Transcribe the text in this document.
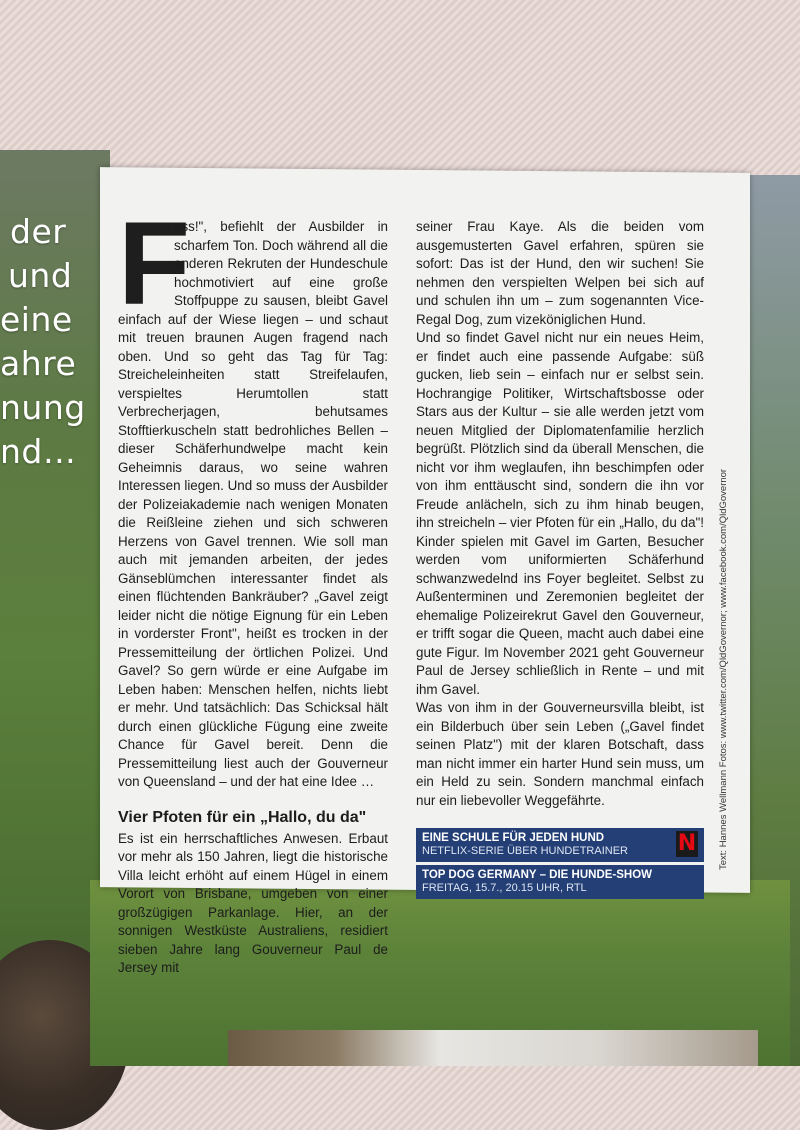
der
und
eine
ahre
nung
nd…
F

ass!", befiehlt der Ausbilder in scharfem Ton. Doch während all die anderen Rekruten der Hundeschule hochmotiviert auf eine große Stoffpuppe zu sausen, bleibt Gavel einfach auf der Wiese liegen – und schaut mit treuen braunen Augen fragend nach oben. Und so geht das Tag für Tag: Streicheleinheiten statt Streifelaufen, verspieltes Herumtollen statt Verbrecherjagen, behutsames Stofftierkuscheln statt bedrohliches Bellen – dieser Schäferhundwelpe macht kein Geheimnis daraus, wo seine wahren Interessen liegen. Und so muss der Ausbilder der Polizeiakademie nach wenigen Monaten die Reißleine ziehen und sich schweren Herzens von Gavel trennen. Wie soll man auch mit jemanden arbeiten, der jedes Gänseblümchen interessanter findet als einen flüchtenden Bankräuber? „Gavel zeigt leider nicht die nötige Eignung für ein Leben in vorderster Front", heißt es trocken in der Pressemitteilung der örtlichen Polizei. Und Gavel? So gern würde er eine Aufgabe im Leben haben: Menschen helfen, nichts liebt er mehr. Und tatsächlich: Das Schicksal hält durch einen glückliche Fügung eine zweite Chance für Gavel bereit. Denn die Pressemitteilung liest auch der Gouverneur von Queensland – und der hat eine Idee …

Vier Pfoten für ein „Hallo, du da"

Es ist ein herrschaftliches Anwesen. Erbaut vor mehr als 150 Jahren, liegt die historische Villa leicht erhöht auf einem Hügel in einem Vorort von Brisbane, umgeben von einer großzügigen Parkanlage. Hier, an der sonnigen Westküste Australiens, residiert sieben Jahre lang Gouverneur Paul de Jersey mit

seiner Frau Kaye. Als die beiden vom ausgemusterten Gavel erfahren, spüren sie sofort: Das ist der Hund, den wir suchen! Sie nehmen den verspielten Welpen bei sich auf und schulen ihn um – zum sogenannten Vice-Regal Dog, zum vizeköniglichen Hund.

Und so findet Gavel nicht nur ein neues Heim, er findet auch eine passende Aufgabe: süß gucken, lieb sein – einfach nur er selbst sein. Hochrangige Politiker, Wirtschaftsbosse oder Stars aus der Kultur – sie alle werden jetzt vom neuen Mitglied der Diplomatenfamilie herzlich begrüßt. Plötzlich sind da überall Menschen, die nicht vor ihm weglaufen, ihn beschimpfen oder von ihm enttäuscht sind, sondern die ihn vor Freude anlächeln, sich zu ihm hinab beugen, ihn streicheln – vier Pfoten für ein „Hallo, du da"! Kinder spielen mit Gavel im Garten, Besucher werden vom uniformierten Schäferhund schwanzwedelnd ins Foyer begleitet. Selbst zu Außenterminen und Zeremonien begleitet der ehemalige Polizeirekrut Gavel den Gouverneur, er trifft sogar die Queen, macht auch dabei eine gute Figur. Im November 2021 geht Gouverneur Paul de Jersey schließlich in Rente – und mit ihm Gavel.

Was von ihm in der Gouverneursvilla bleibt, ist ein Bilderbuch über sein Leben („Gavel findet seinen Platz") mit der klaren Botschaft, dass man nicht immer ein harter Hund sein muss, um ein Held zu sein. Sondern manchmal einfach nur ein liebevoller Weggefährte.

EINE SCHULE FÜR JEDEN HUND
NETFLIX-SERIE ÜBER HUNDETRAINER	N
TOP DOG GERMANY – DIE HUNDE-SHOW
FREITAG, 15.7., 20.15 UHR, RTL
Text: Hannes Wellmann Fotos: www.twitter.com/QldGovernor; www.facebook.com/QldGovernor
